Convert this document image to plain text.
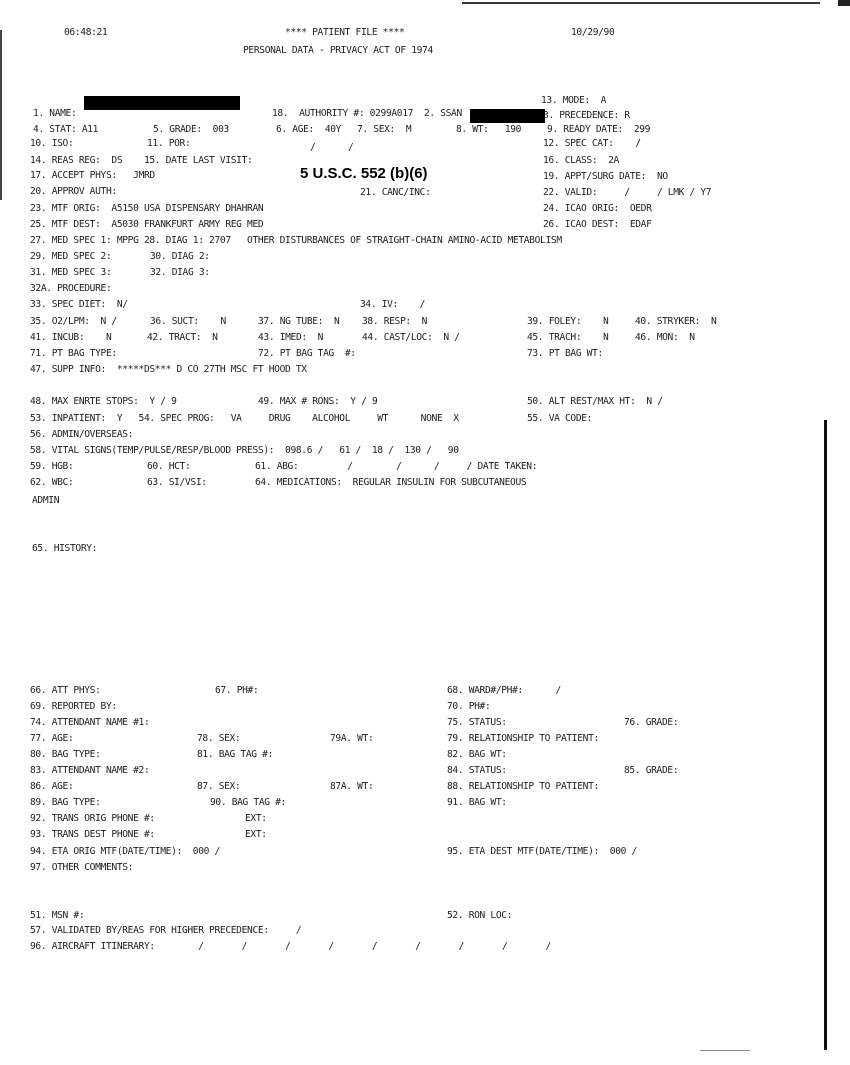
06:48:21	**** PATIENT FILE ****	10/29/90
PERSONAL DATA - PRIVACY ACT OF 1974
5 U.S.C. 552 (b)(6)
13. MODE:  A
1. NAME:	18.  AUTHORITY #: 0299A017  2. SSAN	3. PRECEDENCE: R
4. STAT: A11	5. GRADE:  003	6. AGE:  40Y 7. SEX:  M	8. WT:   190	9. READY DATE:  299
10. ISO:	11. POR:	/      /	12. SPEC CAT:    /
14. REAS REG:  DS    15. DATE LAST VISIT:	16. CLASS:  2A
17. ACCEPT PHYS:   JMRD	19. APPT/SURG DATE:  NO
20. APPROV AUTH:	21. CANC/INC:	22. VALID:     /     / LMK / Y7
23. MTF ORIG:  A5150 USA DISPENSARY DHAHRAN	24. ICAO ORIG:  OEDR
25. MTF DEST:  A5030 FRANKFURT ARMY REG MED	26. ICAO DEST:  EDAF
27. MED SPEC 1: MPPG 28. DIAG 1: 2707   OTHER DISTURBANCES OF STRAIGHT-CHAIN AMINO-ACID METABOLISM
29. MED SPEC 2:	30. DIAG 2:
31. MED SPEC 3:	32. DIAG 3:
32A. PROCEDURE:
33. SPEC DIET:  N/	34. IV:    /
35. O2/LPM:  N /	36. SUCT:    N	37. NG TUBE:  N 38. RESP:  N	39. FOLEY:    N	40. STRYKER:  N
41. INCUB:    N	42. TRACT:  N	43. IMED:  N	44. CAST/LOC:  N /	45. TRACH:    N	46. MON:  N
71. PT BAG TYPE:	72. PT BAG TAG  #:	73. PT BAG WT:
47. SUPP INFO:  *****DS*** D CO 27TH MSC FT HOOD TX
48. MAX ENRTE STOPS:  Y / 9	49. MAX # RONS:  Y / 9	50. ALT REST/MAX HT:  N /
53. INPATIENT:  Y   54. SPEC PROG:   VA     DRUG    ALCOHOL     WT      NONE  X	55. VA CODE:
56. ADMIN/OVERSEAS:
58. VITAL SIGNS(TEMP/PULSE/RESP/BLOOD PRESS):  098.6 /   61 /  18 /  130 /   90
59. HGB:	60. HCT:	61. ABG:         /        /      /     / DATE TAKEN:
62. WBC:	63. SI/VSI:	64. MEDICATIONS:  REGULAR INSULIN FOR SUBCUTANEOUS
ADMIN
65. HISTORY:
66. ATT PHYS:	67. PH#:	68. WARD#/PH#:      /
69. REPORTED BY:	70. PH#:
74. ATTENDANT NAME #1:	75. STATUS:	76. GRADE:
77. AGE:	78. SEX:	79A. WT:	79. RELATIONSHIP TO PATIENT:
80. BAG TYPE:	81. BAG TAG #:	82. BAG WT:
83. ATTENDANT NAME #2:	84. STATUS:	85. GRADE:
86. AGE:	87. SEX:	87A. WT:	88. RELATIONSHIP TO PATIENT:
89. BAG TYPE:	90. BAG TAG #:	91. BAG WT:
92. TRANS ORIG PHONE #:	EXT:
93. TRANS DEST PHONE #:	EXT:
94. ETA ORIG MTF(DATE/TIME):  000 /	95. ETA DEST MTF(DATE/TIME):  000 /
97. OTHER COMMENTS:
51. MSN #:	52. RON LOC:
57. VALIDATED BY/REAS FOR HIGHER PRECEDENCE:     /
96. AIRCRAFT ITINERARY:        /       /       /       /       /       /       /       /       /
